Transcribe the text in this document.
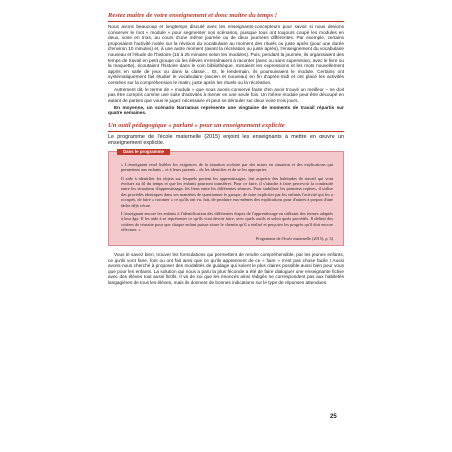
Restez maître de votre enseignement et donc maître du temps !

Nous avons beaucoup et longtemps discuté avec les enseignants-concepteurs pour savoir si nous devions conserver le mot « module » pour segmenter nos scénarios, puisque tous ont toujours coupé les modules en deux, voire en trois, au cours d'une même journée ou de deux journées différentes. Par exemple, certains proposaient l'activité notée sur la révision du vocabulaire au moment des rituels ou juste après (pour une durée d'environ 10 minutes) et, à une autre moment (avant la récréation ou juste après), l'enseignement du vocabulaire nouveau et l'étude de l'histoire (15 à 25 minutes selon les modules). Puis, pendant la journée, ils organisaient des temps de travail en petit groupe où les élèves s'entraînaient à raconter (avec ou sans supervision, avec le livre ou la maquette), écoutaient l'histoire dans le coin bibliothèque, mimaient les expressions et les mots nouvellement appris en salle de jeux ou dans la classe… Et, le lendemain, ils poursuivaient le module. Certains ont systématiquement fait étudier le vocabulaire (ancien et nouveau) en fin d'après-midi et ont placé les activités centrées sur la compréhension le matin, juste après les rituels ou la récréation.

Autrement dit, le terme de « module » que nous avons conservé faute d'en avoir trouvé un meilleur – ne doit pas être compris comme une suite d'activités à mener en une seule fois. Un même module peut être découpé en autant de parties que vous le jugez nécessaire et peut se dérouler sur deux voire trois jours.

En moyenne, un scénario Narramus représente une vingtaine de moments de travail répartis sur quatre semaines.

Un outil pédagogique « parlant » pour un enseignement explicite

Le programme de l'école maternelle (2015) enjoint les enseignants à mettre en œuvre un enseignement explicite.

Dans le programme

« L'enseignant rend lisibles les exigences de la situation scolaire par des mises en situation et des explications qui permettent aux enfants – et à leurs parents – de les identifier et de se les approprier.

Il aide à identifier les objets sur lesquels portent les apprentissages, fait acquérir des habitudes de travail qui vont évoluer au fil du temps et que les enfants pourront transférer. Pour ce faire, il s'attache à faire percevoir la continuité entre les situations d'apprentissage, les liens entre les différentes séances. Pour stabiliser les premiers repères, il utilise des procédés identiques dans ses manières de questionner le groupe, de faire expliciter par les enfants l'activité qui les a occupés, de faire « raconter » ce qu'ils ont vu, fait, de produire eux-mêmes des explications pour d'autres à propos d'une tâche déjà vécue.

L'enseignant encore les enfants à l'identification des différentes étapes de l'apprentissage en utilisant des termes adaptés à leur âge. Il les aide à se représenter ce qu'ils vont devoir faire, avec quels outils et selon quels procédés. Il définit des critères de réussite pour que chaque enfant puisse situer le chemin qu'il a réalisé et perçoive les progrès qu'il doit encore effectuer. »

Programme de l'école maternelle (2015), p. 3)

Vous le savez bien, trouver les formulations qui permettent de rendre compréhensible, par les jeunes enfants, ce qu'ils vont faire, font ou ont fait ainsi que ce qu'ils apprennent de ce « faire » n'est pas chose facile ! Aussi avons-nous cherché à proposer des modalités de guidage qui soient le plus claires possible aussi bien pour vous que pour les enfants. La solution qui nous a paru la plus féconde a été de faire dialoguer une enseignante fictive avec des élèves tout aussi fictifs. Il va de soi que les énoncés ainsi rédigés ne correspondent pas aux habiletés langagières de tous les élèves, mais ils donnent de bonnes indications sur le type de réponses attendues.

25
